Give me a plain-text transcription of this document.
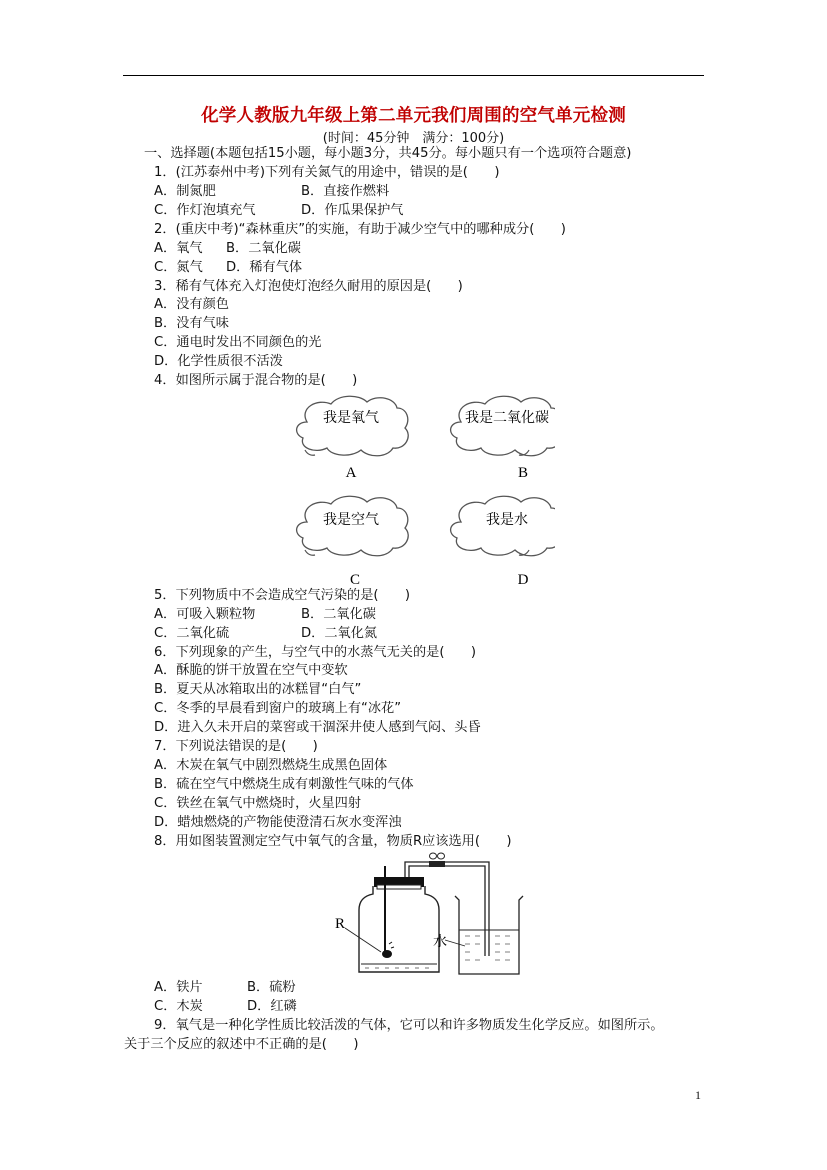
化学人教版九年级上第二单元我们周围的空气单元检测
(时间：45分钟　满分：100分)
一、选择题(本题包括15小题，每小题3分，共45分。每小题只有一个选项符合题意)
1．(江苏泰州中考)下列有关氮气的用途中，错误的是(　　)
A．制氮肥	B．直接作燃料
C．作灯泡填充气	D．作瓜果保护气
2．(重庆中考)“森林重庆”的实施，有助于减少空气中的哪种成分(　　)
A．氧气 B．二氧化碳
C．氮气 D．稀有气体
3．稀有气体充入灯泡使灯泡经久耐用的原因是(　　)
A．没有颜色
B．没有气味
C．通电时发出不同颜色的光
D．化学性质很不活泼
4．如图所示属于混合物的是(　　)
我是氧气
A
我是二氧化碳
B
我是空气
C
我是水
D
5．下列物质中不会造成空气污染的是(　　)
A．可吸入颗粒物	B．二氧化碳
C．二氧化硫	D．二氧化氮
6．下列现象的产生，与空气中的水蒸气无关的是(　　)
A．酥脆的饼干放置在空气中变软
B．夏天从冰箱取出的冰糕冒“白气”
C．冬季的早晨看到窗户的玻璃上有“冰花”
D．进入久未开启的菜窖或干涸深井使人感到气闷、头昏
7．下列说法错误的是(　　)
A．木炭在氧气中剧烈燃烧生成黑色固体
B．硫在空气中燃烧生成有刺激性气味的气体
C．铁丝在氧气中燃烧时，火星四射
D．蜡烛燃烧的产物能使澄清石灰水变浑浊
8．用如图装置测定空气中氧气的含量，物质R应该选用(　　)
R
水
A．铁片	B．硫粉
C．木炭	D．红磷
9．氧气是一种化学性质比较活泼的气体，它可以和许多物质发生化学反应。如图所示。
关于三个反应的叙述中不正确的是(　　)
1
